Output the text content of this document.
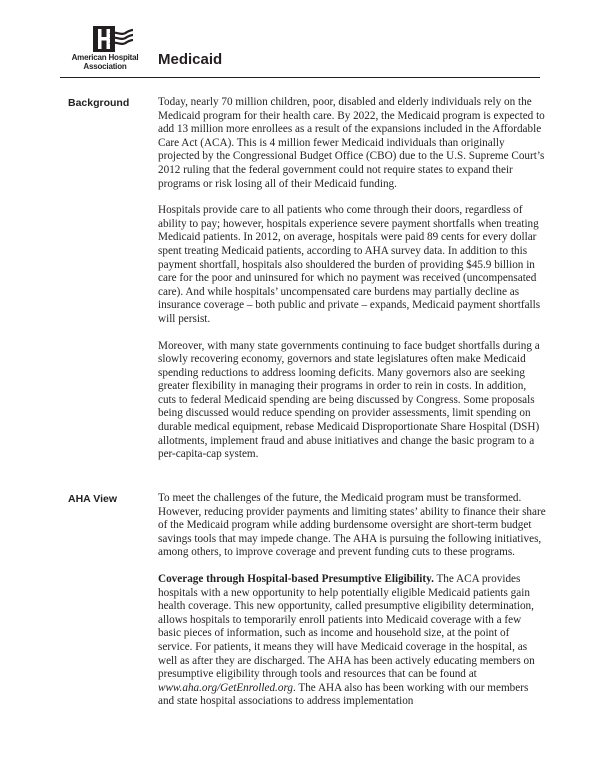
American Hospital
Association	Medicaid
Background	Today, nearly 70 million children, poor, disabled and elderly individuals rely on the Medicaid program for their health care. By 2022, the Medicaid program is expected to add 13 million more enrollees as a result of the expansions included in the Affordable Care Act (ACA). This is 4 million fewer Medicaid individuals than originally projected by the Congressional Budget Office (CBO) due to the U.S. Supreme Court’s 2012 ruling that the federal government could not require states to expand their programs or risk losing all of their Medicaid funding.

Hospitals provide care to all patients who come through their doors, regardless of ability to pay; however, hospitals experience severe payment shortfalls when treating Medicaid patients. In 2012, on average, hospitals were paid 89 cents for every dollar spent treating Medicaid patients, according to AHA survey data. In addition to this payment shortfall, hospitals also shouldered the burden of providing $45.9 billion in care for the poor and uninsured for which no payment was received (uncompensated care). And while hospitals’ uncompensated care burdens may partially decline as insurance coverage – both public and private – expands, Medicaid payment shortfalls will persist.

Moreover, with many state governments continuing to face budget shortfalls during a slowly recovering economy, governors and state legislatures often make Medicaid spending reductions to address looming deficits. Many governors also are seeking greater flexibility in managing their programs in order to rein in costs. In addition, cuts to federal Medicaid spending are being discussed by Congress. Some proposals being discussed would reduce spending on provider assessments, limit spending on durable medical equipment, rebase Medicaid Disproportionate Share Hospital (DSH) allotments, implement fraud and abuse initiatives and change the basic program to a per-capita-cap system.

AHA View	To meet the challenges of the future, the Medicaid program must be transformed. However, reducing provider payments and limiting states’ ability to finance their share of the Medicaid program while adding burdensome oversight are short-term budget savings tools that may impede change. The AHA is pursuing the following initiatives, among others, to improve coverage and prevent funding cuts to these programs.

Coverage through Hospital-based Presumptive Eligibility. The ACA provides hospitals with a new opportunity to help potentially eligible Medicaid patients gain health coverage. This new opportunity, called presumptive eligibility determination, allows hospitals to temporarily enroll patients into Medicaid coverage with a few basic pieces of information, such as income and household size, at the point of service. For patients, it means they will have Medicaid coverage in the hospital, as well as after they are discharged. The AHA has been actively educating members on presumptive eligibility through tools and resources that can be found at www.aha.org/GetEnrolled.org. The AHA also has been working with our members and state hospital associations to address implementation
